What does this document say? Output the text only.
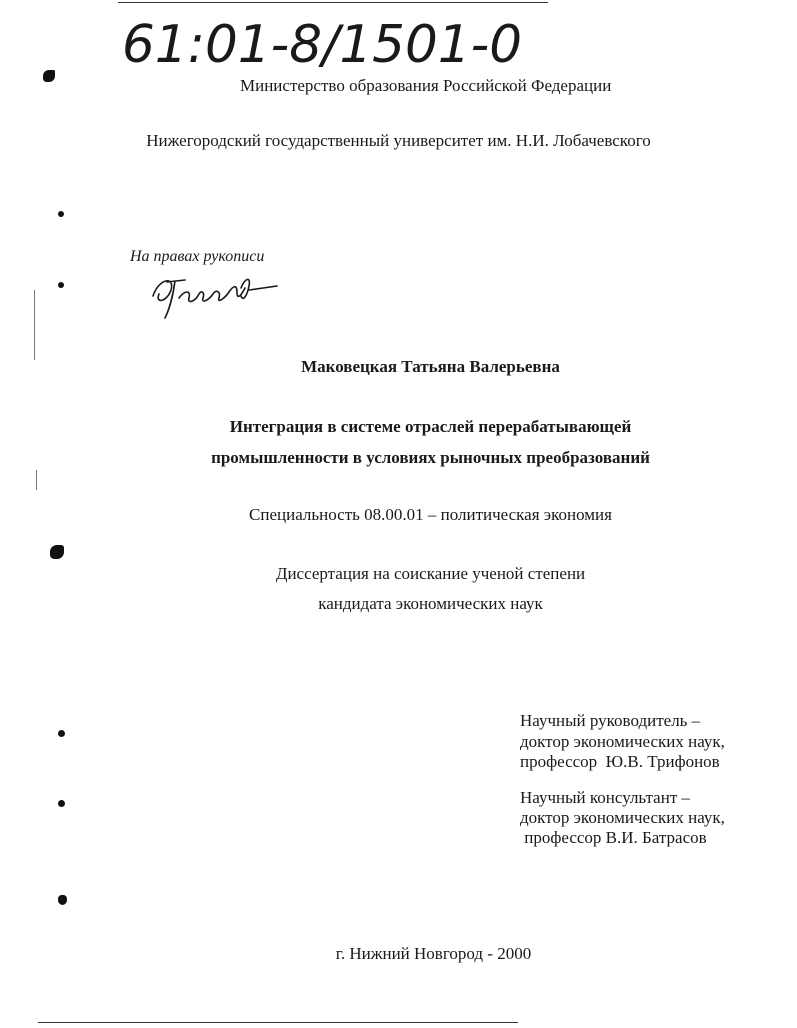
61:01-8/1501-0
Министерство образования Российской Федерации
Нижегородский государственный университет им. Н.И. Лобачевского
На правах рукописи
Маковецкая Татьяна Валерьевна
Интеграция в системе отраслей перерабатывающей
промышленности в условиях рыночных преобразований
Специальность 08.00.01 – политическая экономия
Диссертация на соискание ученой степени
кандидата экономических наук
Научный руководитель –
доктор экономических наук,
профессор  Ю.В. Трифонов
Научный консультант –
доктор экономических наук,
профессор В.И. Батрасов
г. Нижний Новгород - 2000
